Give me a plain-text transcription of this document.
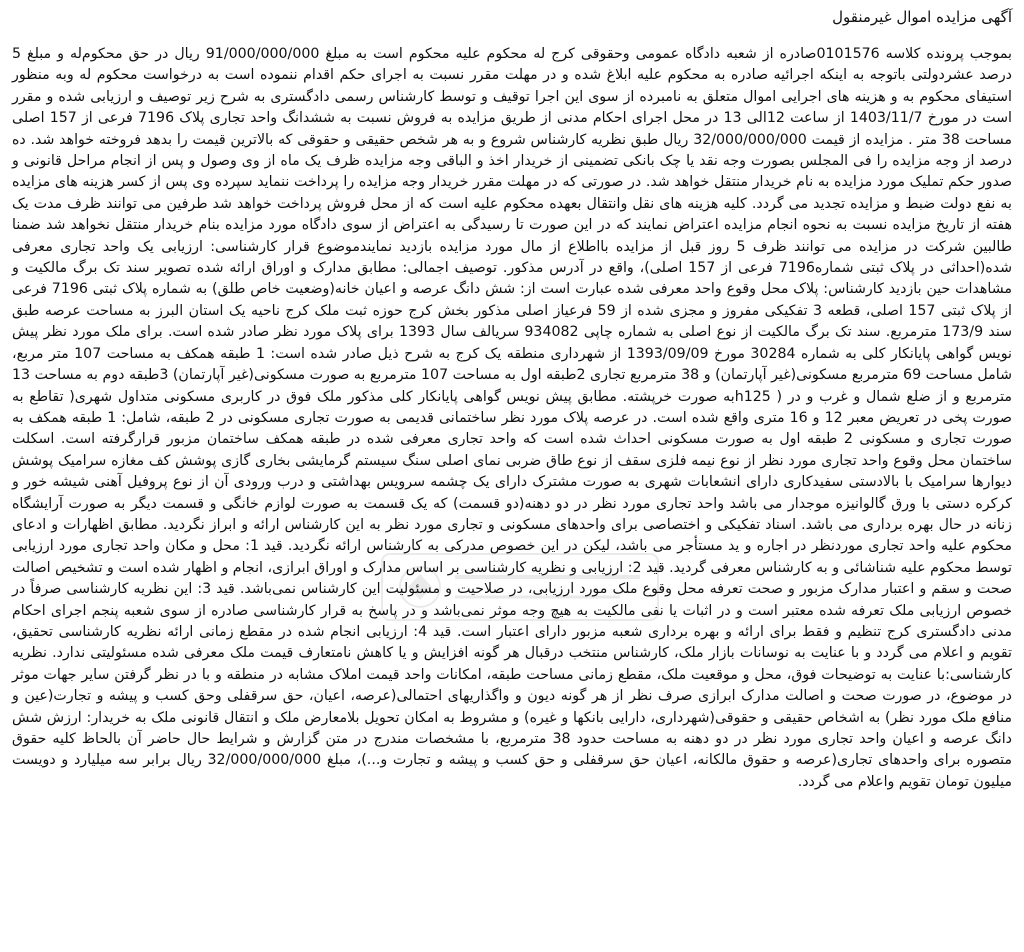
آگهی مزایده اموال غیرمنقول

بموجب پرونده کلاسه 0101576صادره از شعبه دادگاه عمومی وحقوقی کرج له محکوم علیه محکوم است به مبلغ 91/000/000/000 ریال در حق محکوم‌له و مبلغ 5 درصد عشردولتی باتوجه به اینکه اجرائیه صادره به محکوم علیه ابلاغ شده و در مهلت مقرر نسبت به اجرای حکم اقدام ننموده است به درخواست محکوم له وبه منظور استیفای محکوم به و هزینه های اجرایی اموال متعلق به نامبرده از سوی این اجرا توقیف و توسط کارشناس رسمی دادگستری به شرح زیر توصیف و ارزیابی شده و مقرر است در مورخ 1403/11/7 از ساعت 12الی 13 در محل اجرای احکام مدنی از طریق مزایده به فروش نسبت به ششدانگ واحد تجاری پلاک 7196 فرعی از 157 اصلی مساحت 38 متر . مزایده از قیمت 32/000/000/000 ریال طبق نظریه کارشناس شروع و به هر شخص حقیقی و حقوقی که بالاترین قیمت را بدهد فروخته خواهد شد. ده درصد از وجه مزایده را فی المجلس بصورت وجه نقد یا چک بانکی تضمینی از خریدار اخذ و الباقی وجه مزایده ظرف یک ماه از وی وصول و پس از انجام مراحل قانونی و صدور حکم تملیک مورد مزایده به نام خریدار منتقل خواهد شد. در صورتی که در مهلت مقرر خریدار وجه مزایده را پرداخت ننماید سپرده وی پس از کسر هزینه های مزایده به نفع دولت ضبط و مزایده تجدید می گردد. کلیه هزینه های نقل وانتقال بعهده محکوم علیه است که از محل فروش پرداخت خواهد شد طرفین می توانند ظرف مدت یک هفته از تاریخ مزایده نسبت به نحوه انجام مزایده اعتراض نمایند که در این صورت تا رسیدگی به اعتراض از سوی دادگاه مورد مزایده بنام خریدار منتقل نخواهد شد ضمنا طالبین شرکت در مزایده می توانند ظرف 5 روز قبل از مزایده بااطلاع از مال مورد مزایده بازدید نمایندموضوع قرار کارشناسی: ارزیابی یک واحد تجاری معرفی شده(احداثی در پلاک ثبتی شماره7196 فرعی از 157 اصلی)، واقع در آدرس مذکور. توصیف اجمالی: مطابق مدارک و اوراق ارائه شده تصویر سند تک برگ مالکیت و مشاهدات حین بازدید کارشناس: پلاک محل وقوع واحد معرفی شده عبارت است از: شش دانگ عرصه و اعیان خانه(وضعیت خاص طلق) به شماره پلاک ثبتی 7196 فرعی از پلاک ثبتی 157 اصلی، قطعه 3 تفکیکی مفروز و مجزی شده از 59 فرعیاز اصلی مذکور بخش کرج حوزه ثبت ملک کرج ناحیه یک استان البرز به مساحت عرصه طبق سند 173/9 مترمربع. سند تک برگ مالکیت از نوع اصلی به شماره چاپی 934082 سریالف سال 1393 برای پلاک مورد نظر صادر شده است. برای ملک مورد نظر پیش نویس گواهی پایانکار کلی به شماره 30284 مورخ 1393/09/09 از شهرداری منطقه یک کرج به شرح ذیل صادر شده است: 1 طبقه همکف به مساحت 107 متر مربع، شامل مساحت 69 مترمربع مسکونی(غیر آپارتمان) و 38 مترمربع تجاری 2طبقه اول به مساحت 107 مترمربع به صورت مسکونی(غیر آپارتمان) 3طبقه دوم به مساحت 13 مترمربع و از ضلع شمال و غرب و در ( h125به صورت خرپشته. مطابق پیش نویس گواهی پایانکار کلی مذکور ملک فوق در کاربری مسکونی متداول شهری( تقاطع به صورت پخی در تعریض معبر 12 و 16 متری واقع شده است. در عرصه پلاک مورد نظر ساختمانی قدیمی به صورت تجاری مسکونی در 2 طبقه، شامل: 1 طبقه همکف به صورت تجاری و مسکونی 2 طبقه اول به صورت مسکونی احداث شده است که واحد تجاری معرفی شده در طبقه همکف ساختمان مزبور قرارگرفته است. اسکلت ساختمان محل وقوع واحد تجاری مورد نظر از نوع نیمه فلزی سقف از نوع طاق ضربی نمای اصلی سنگ سیستم گرمایشی بخاری گازی پوشش کف مغازه سرامیک پوشش دیوارها سرامیک با بالادستی سفیدکاری دارای انشعابات شهری به صورت مشترک دارای یک چشمه سرویس بهداشتی و درب ورودی آن از نوع پروفیل آهنی شیشه خور و کرکره دستی با ورق گالوانیزه موجدار می باشد واحد تجاری مورد نظر در دو دهنه(دو قسمت) که یک قسمت به صورت لوازم خانگی و قسمت دیگر به صورت آرایشگاه زنانه در حال بهره برداری می باشد. اسناد تفکیکی و اختصاصی برای واحدهای مسکونی و تجاری مورد نظر به این کارشناس ارائه و ابراز نگردید. مطابق اظهارات و ادعای محکوم علیه واحد تجاری موردنظر در اجاره و ید مستأجر می باشد، لیکن در این خصوص مدرکی به کارشناس ارائه نگردید. قید 1: محل و مکان واحد تجاری مورد ارزیابی توسط محکوم علیه شناشائی و به کارشناس معرفی گردید. قید 2: ارزیابی و نظریه کارشناسی بر اساس مدارک و اوراق ابرازی، انجام و اظهار شده است و تشخیص اصالت صحت و سقم و اعتبار مدارک مزبور و صحت تعرفه محل وقوع ملک مورد ارزیابی، در صلاحیت و مسئولیت این کارشناس نمی‌باشد. قید 3: این نظریه کارشناسی صرفاً در خصوص ارزیابی ملک تعرفه شده معتبر است و در اثبات یا نفی مالکیت به هیچ وجه موثر نمی‌باشد و در پاسخ به قرار کارشناسی صادره از سوی شعبه پنجم اجرای احکام مدنی دادگستری کرج تنظیم و فقط برای ارائه و بهره برداری شعبه مزبور دارای اعتبار است. قید 4: ارزیابی انجام شده در مقطع زمانی ارائه نظریه کارشناسی تحقیق، تقویم و اعلام می گردد و با عنایت به نوسانات بازار ملک، کارشناس منتخب درقبال هر گونه افزایش و یا کاهش نامتعارف قیمت ملک معرفی شده مسئولیتی ندارد. نظریه کارشناسی:با عنایت به توضیحات فوق، محل و موقعیت ملک، مقطع زمانی مساحت طبقه، امکانات واحد قیمت املاک مشابه در منطقه و با در نظر گرفتن سایر جهات موثر در موضوع، در صورت صحت و اصالت مدارک ابرازی صرف نظر از هر گونه دیون و واگذاریهای احتمالی(عرصه، اعیان، حق سرقفلی وحق کسب و پیشه و تجارت(عین و منافع ملک مورد نظر) به اشخاص حقیقی و حقوقی(شهرداری، دارایی بانکها و غیره) و مشروط به امکان تحویل بلامعارض ملک و انتقال قانونی ملک به خریدار: ارزش شش دانگ عرصه و اعیان واحد تجاری مورد نظر در دو دهنه به مساحت حدود 38 مترمربع، با مشخصات مندرج در متن گزارش و شرایط حال حاضر آن بالحاظ کلیه حقوق متصوره برای واحدهای تجاری(عرصه و حقوق مالکانه، اعیان حق سرقفلی و حق کسب و پیشه و تجارت و...)، مبلغ 32/000/000/000 ریال برابر سه میلیارد و دویست میلیون تومان تقویم واعلام می گردد.
